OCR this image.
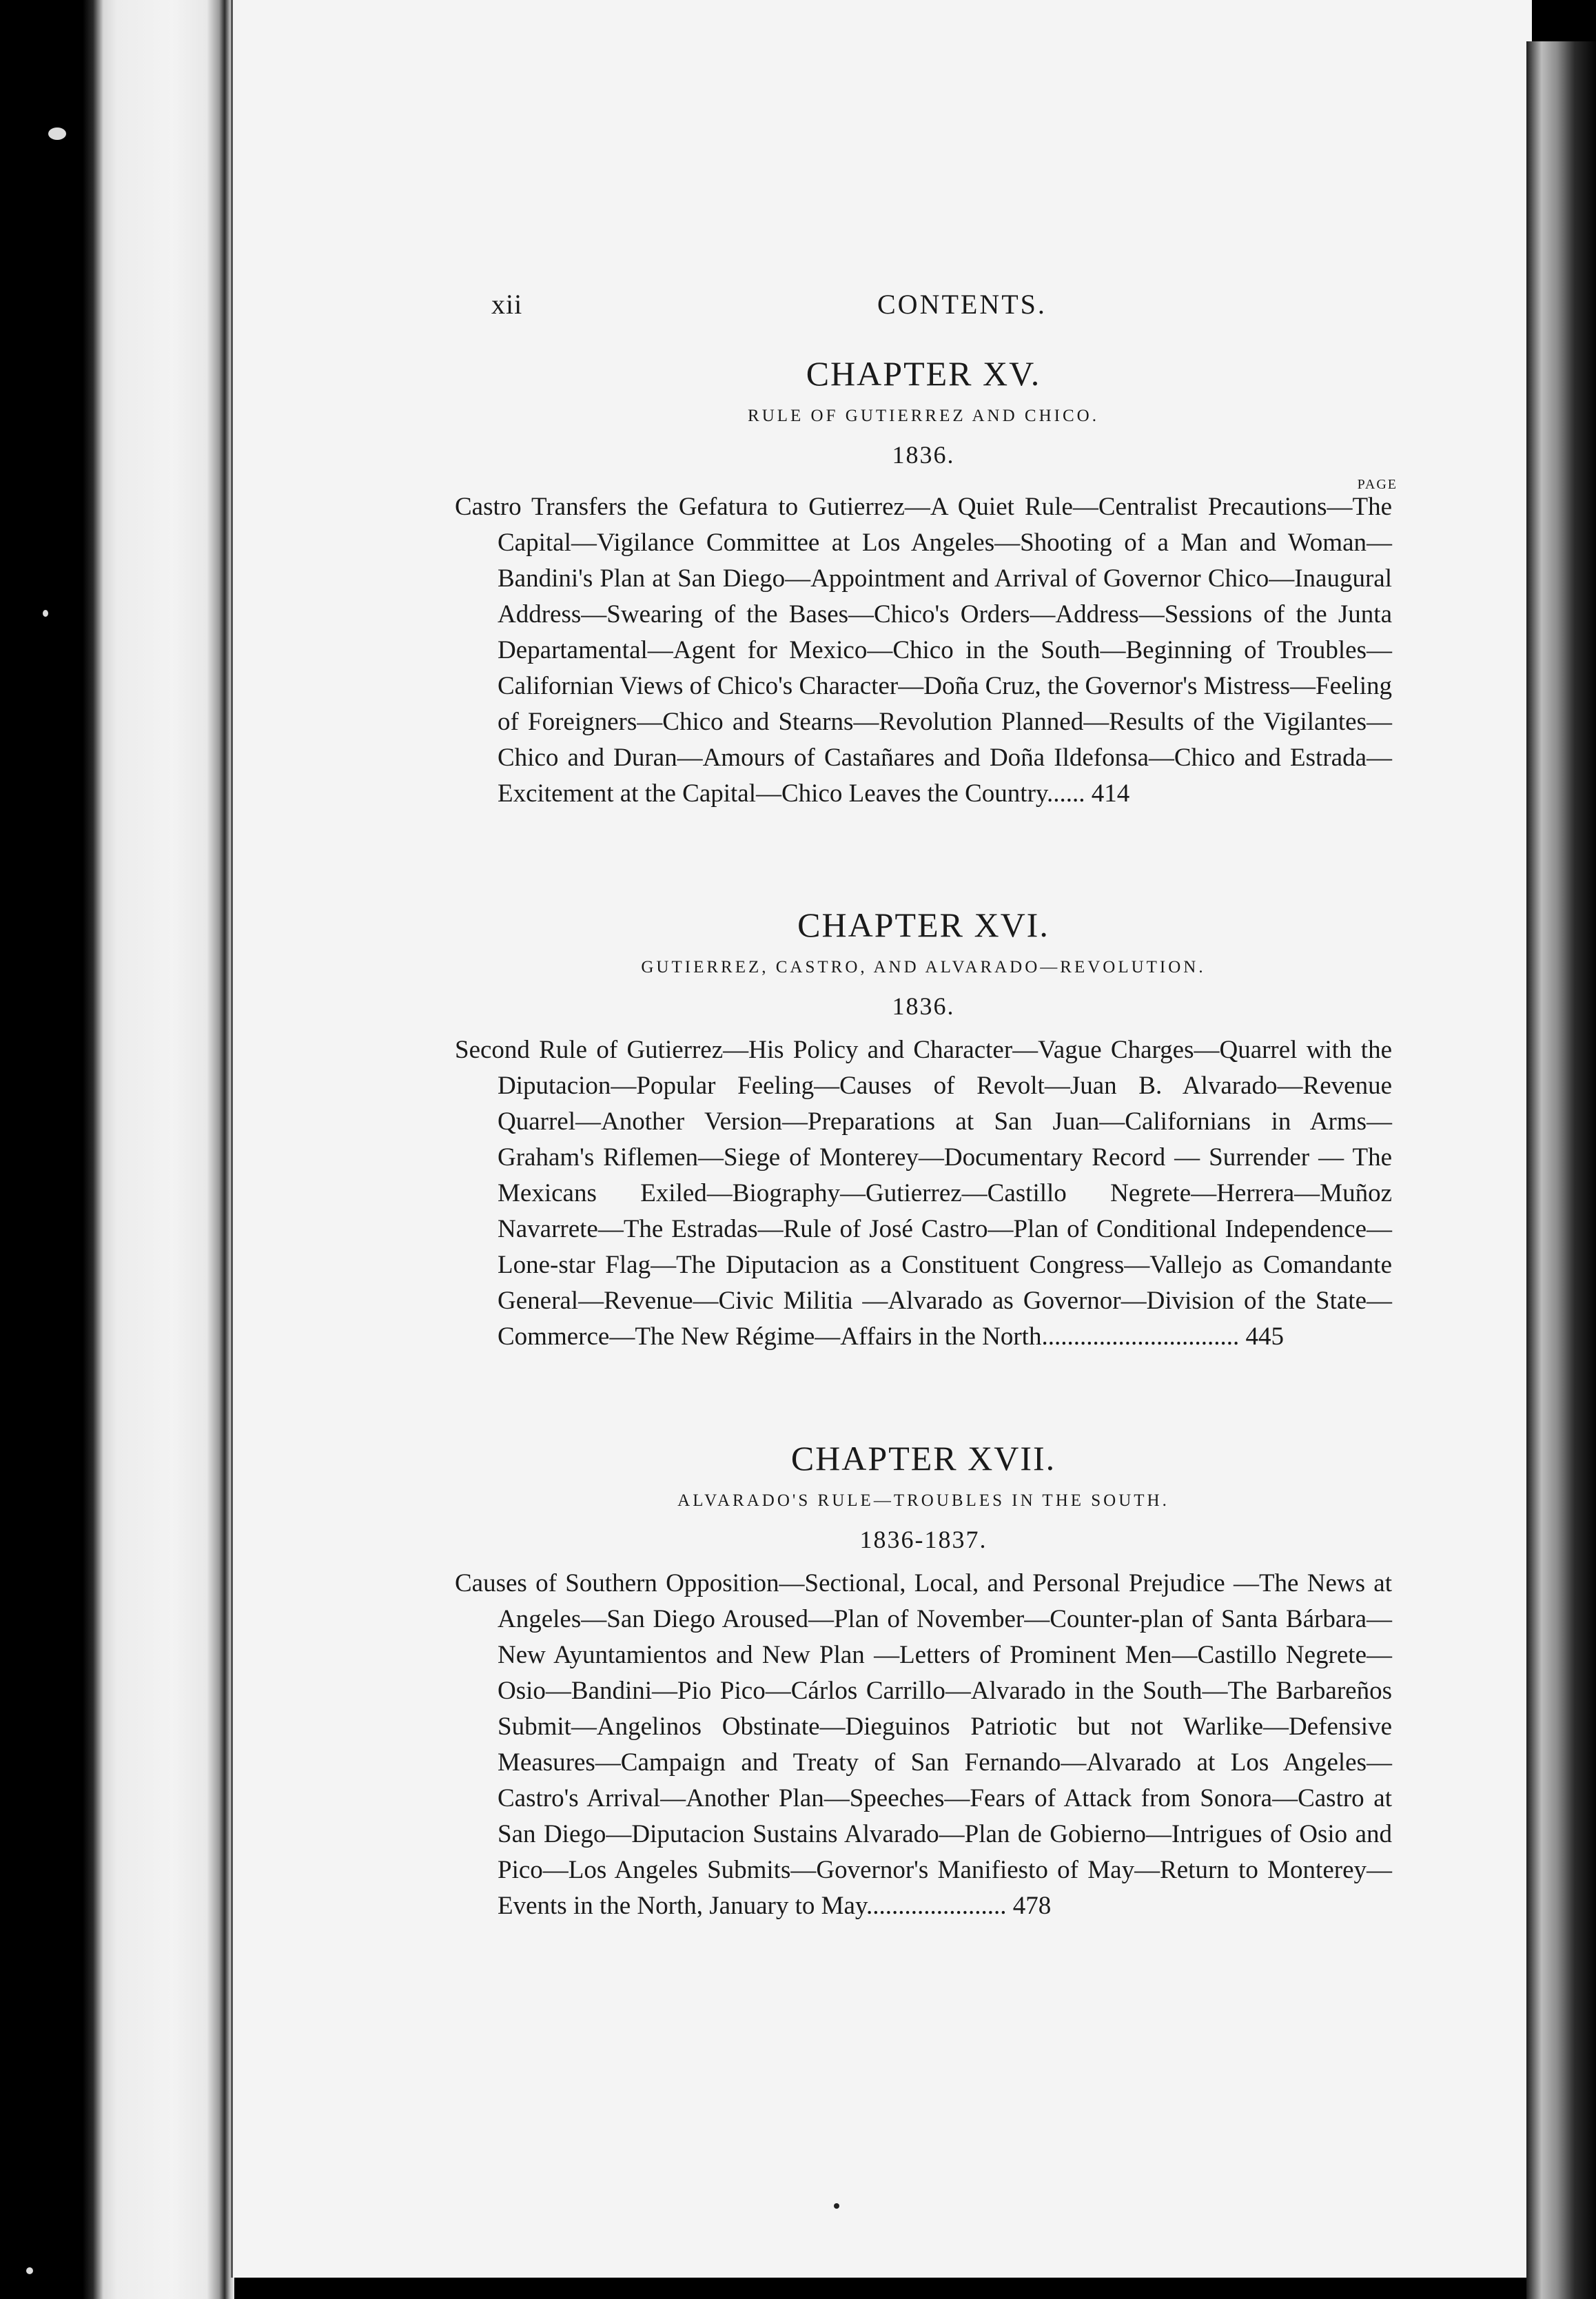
xii	CONTENTS.
CHAPTER XV.
RULE OF GUTIERREZ AND CHICO.
1836.
PAGE
Castro Transfers the Gefatura to Gutierrez—A Quiet Rule—Centralist Precautions—The Capital—Vigilance Committee at Los Angeles—Shooting of a Man and Woman—Bandini's Plan at San Diego—Appointment and Arrival of Governor Chico—Inaugural Address—Swearing of the Bases—Chico's Orders—Address—Sessions of the Junta Departamental—Agent for Mexico—Chico in the South—Beginning of Troubles—Californian Views of Chico's Character—Doña Cruz, the Governor's Mistress—Feeling of Foreigners—Chico and Stearns—Revolution Planned—Results of the Vigilantes—Chico and Duran—Amours of Castañares and Doña Ildefonsa—Chico and Estrada—Excitement at the Capital—Chico Leaves the Country...... 414
CHAPTER XVI.
GUTIERREZ, CASTRO, AND ALVARADO—REVOLUTION.
1836.
Second Rule of Gutierrez—His Policy and Character—Vague Charges—Quarrel with the Diputacion—Popular Feeling—Causes of Revolt—Juan B. Alvarado—Revenue Quarrel—Another Version—Preparations at San Juan—Californians in Arms—Graham's Riflemen—Siege of Monterey—Documentary Record — Surrender — The Mexicans Exiled—Biography—Gutierrez—Castillo Negrete—Herrera—Muñoz Navarrete—The Estradas—Rule of José Castro—Plan of Conditional Independence—Lone-star Flag—The Diputacion as a Constituent Congress—Vallejo as Comandante General—Revenue—Civic Militia —Alvarado as Governor—Division of the State—Commerce—The New Régime—Affairs in the North............................... 445
CHAPTER XVII.
ALVARADO'S RULE—TROUBLES IN THE SOUTH.
1836-1837.
Causes of Southern Opposition—Sectional, Local, and Personal Prejudice —The News at Angeles—San Diego Aroused—Plan of November—Counter-plan of Santa Bárbara—New Ayuntamientos and New Plan —Letters of Prominent Men—Castillo Negrete—Osio—Bandini—Pio Pico—Cárlos Carrillo—Alvarado in the South—The Barbareños Submit—Angelinos Obstinate—Dieguinos Patriotic but not Warlike—Defensive Measures—Campaign and Treaty of San Fernando—Alvarado at Los Angeles—Castro's Arrival—Another Plan—Speeches—Fears of Attack from Sonora—Castro at San Diego—Diputacion Sustains Alvarado—Plan de Gobierno—Intrigues of Osio and Pico—Los Angeles Submits—Governor's Manifiesto of May—Return to Monterey—Events in the North, January to May...................... 478
